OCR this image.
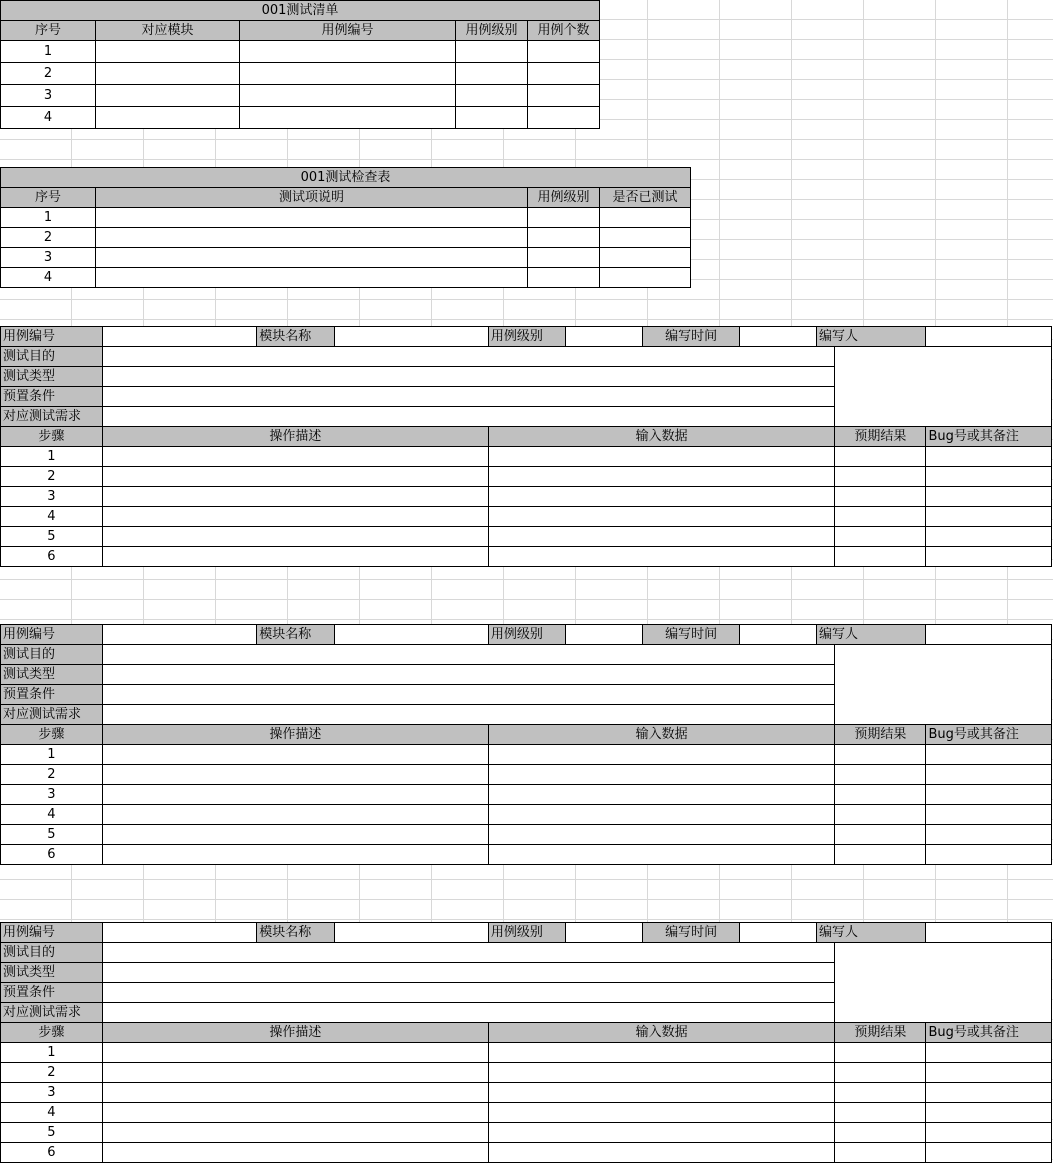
001测试清单				
序号	对应模块	用例编号	用例级别	用例个数
1				
2				
3				
4				
001测试检查表			
序号	测试项说明	用例级别	是否已测试
1			
2			
3			
4			
用例编号		模块名称		用例级别		编写时间		编写人		
测试目的										
测试类型										
预置条件										
对应测试需求										
步骤	操作描述			输入数据					预期结果	Bug号或其备注
1										
2										
3										
4										
5										
6										
用例编号		模块名称		用例级别		编写时间		编写人		
测试目的										
测试类型										
预置条件										
对应测试需求										
步骤	操作描述			输入数据					预期结果	Bug号或其备注
1										
2										
3										
4										
5										
6										
用例编号		模块名称		用例级别		编写时间		编写人		
测试目的										
测试类型										
预置条件										
对应测试需求										
步骤	操作描述			输入数据					预期结果	Bug号或其备注
1										
2										
3										
4										
5										
6										
